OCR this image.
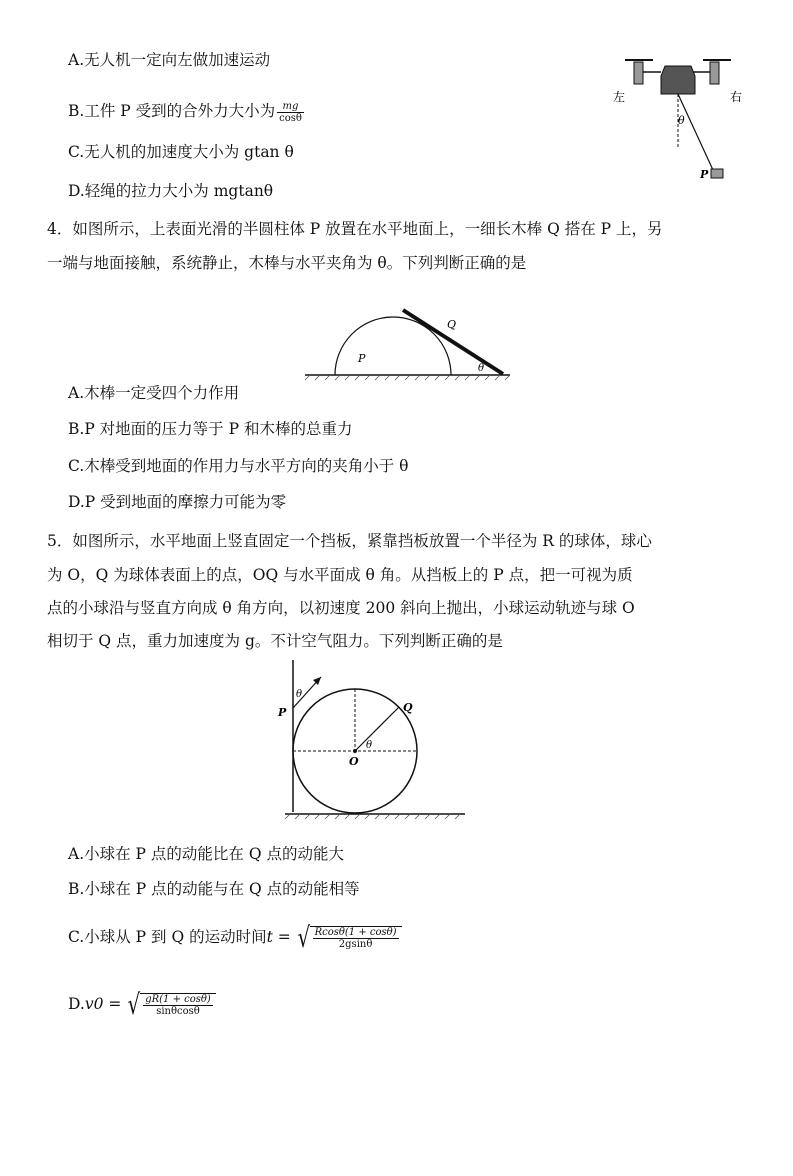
A.无人机一定向左做加速运动
B.工件 P 受到的合外力大小为 $\frac{mg}{\cos\theta}$
C.无人机的加速度大小为 gtan θ
D.轻绳的拉力大小为 mgtanθ
左	右
θ
P
4．如图所示，上表面光滑的半圆柱体 P 放置在水平地面上，一细长木棒 Q 搭在 P 上，另
一端与地面接触，系统静止，木棒与水平夹角为 θ。下列判断正确的是
P
Q
θ
A.木棒一定受四个力作用
B.P 对地面的压力等于 P 和木棒的总重力
C.木棒受到地面的作用力与水平方向的夹角小于 θ
D.P 受到地面的摩擦力可能为零
5．如图所示，水平地面上竖直固定一个挡板，紧靠挡板放置一个半径为 R 的球体，球心
为 O，Q 为球体表面上的点，OQ 与水平面成 θ 角。从挡板上的 P 点，把一可视为质
点的小球沿与竖直方向成 θ 角方向，以初速度 200 斜向上抛出，小球运动轨迹与球 O
相切于 Q 点，重力加速度为 g。不计空气阻力。下列判断正确的是
P	Q
O
θ
θ
A.小球在 P 点的动能比在 Q 点的动能大
B.小球在 P 点的动能与在 Q 点的动能相等
C.小球从 P 到 Q 的运动时间t = √ $\frac{Rcos\theta(1 + \cos\theta)}{2gsin\theta}$
D.v0 = √ $\frac{gR(1 + \cos\theta)}{\sin\theta\cos\theta}$
